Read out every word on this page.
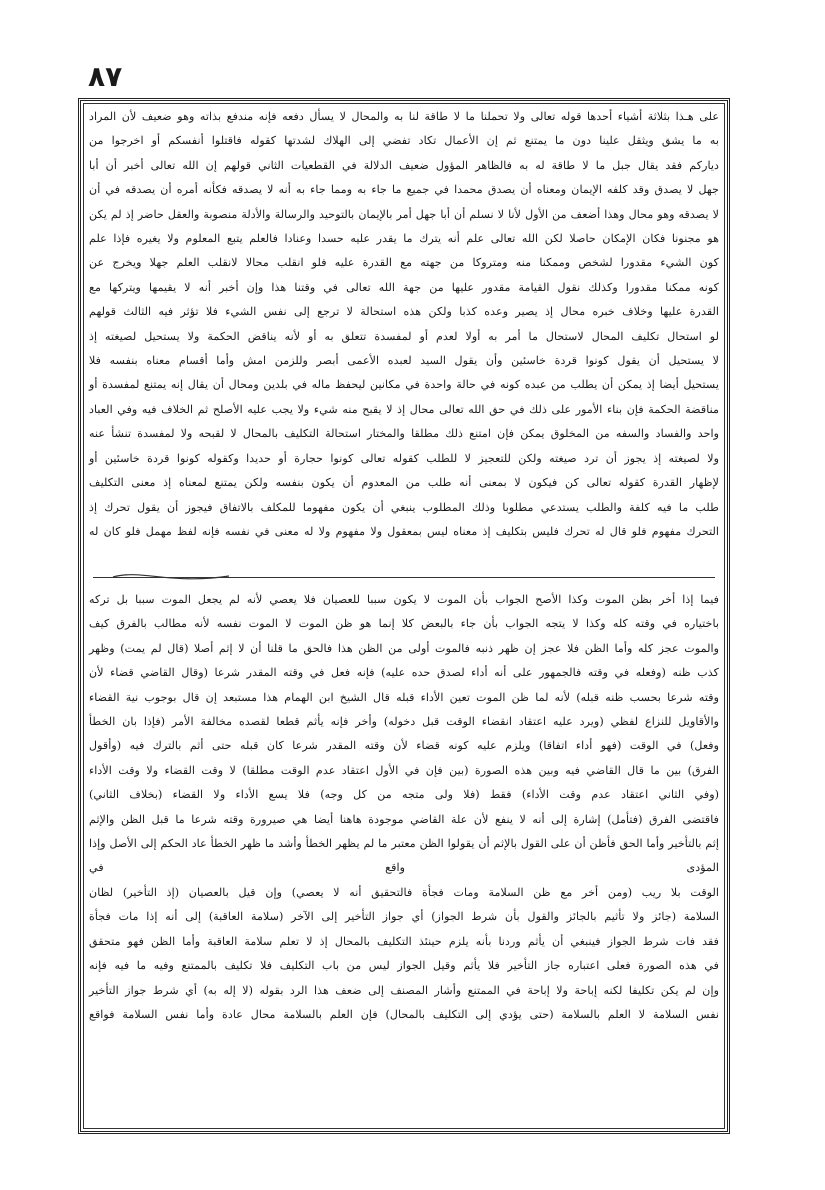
٨٧

على هـذا بثلاثة أشياء أحدها قوله تعالى ولا تحملنا ما لا طاقة لنا به والمحال لا يسأل دفعه فإنه مندفع بذاته وهو ضعيف لأن المراد

به ما يشق ويثقل علينا دون ما يمتنع ثم إن الأعمال تكاد تفضي إلى الهلاك لشدتها كقوله فاقتلوا أنفسكم أو اخرجوا من

دياركم فقد يقال جبل ما لا طاقة له به فالظاهر المؤول ضعيف الدلالة في القطعيات الثاني قولهم إن الله تعالى أخبر أن أبا

جهل لا يصدق وقد كلفه الإيمان ومعناه أن يصدق محمدا في جميع ما جاء به ومما جاء به أنه لا يصدقه فكأنه أمره أن يصدقه في أن

لا يصدقه وهو محال وهذا أضعف من الأول لأنا لا نسلم أن أبا جهل أمر بالإيمان بالتوحيد والرسالة والأدلة منصوبة والعقل حاضر إذ لم يكن

هو مجنونا فكان الإمكان حاصلا لكن الله تعالى علم أنه يترك ما يقدر عليه حسدا وعنادا فالعلم يتبع المعلوم ولا يغيره فإذا علم

كون الشيء مقدورا لشخص وممكنا منه ومتروكا من جهته مع القدرة عليه فلو انقلب محالا لانقلب العلم جهلا ويخرج عن

كونه ممكنا مقدورا وكذلك نقول القيامة مقدور عليها من جهة الله تعالى في وقتنا هذا وإن أخبر أنه لا يقيمها ويتركها مع

القدرة عليها وخلاف خبره محال إذ يصير وعده كذبا ولكن هذه استحالة لا ترجع إلى نفس الشيء فلا تؤثر فيه الثالث قولهم

لو استحال تكليف المحال لاستحال ما أمر به أولا لعدم أو لمفسدة تتعلق به أو لأنه يناقض الحكمة ولا يستحيل لصيغته إذ

لا يستحيل أن يقول كونوا قردة خاسئين وأن يقول السيد لعبده الأعمى أبصر وللزمن امش وأما أقسام معناه بنفسه فلا

يستحيل أيضا إذ يمكن أن يطلب من عبده كونه في حالة واحدة في مكانين ليحفظ ماله في بلدين ومحال أن يقال إنه يمتنع لمفسدة أو

مناقضة الحكمة فإن بناء الأمور على ذلك في حق الله تعالى محال إذ لا يقبح منه شيء ولا يجب عليه الأصلح ثم الخلاف فيه وفي العباد

واحد والفساد والسفه من المخلوق يمكن فإن امتنع ذلك مطلقا والمختار استحالة التكليف بالمحال لا لقبحه ولا لمفسدة تنشأ عنه

ولا لصيغته إذ يجوز أن ترد صيغته ولكن للتعجيز لا للطلب كقوله تعالى كونوا حجارة أو حديدا وكقوله كونوا قردة خاسئين أو

لإظهار القدرة كقوله تعالى كن فيكون لا بمعنى أنه طلب من المعدوم أن يكون بنفسه ولكن يمتنع لمعناه إذ معنى التكليف

طلب ما فيه كلفة والطلب يستدعي مطلوبا وذلك المطلوب ينبغي أن يكون مفهوما للمكلف بالاتفاق فيجوز أن يقول تحرك إذ

التحرك مفهوم فلو قال له تحرك فليس بتكليف إذ معناه ليس بمعقول ولا مفهوم ولا له معنى في نفسه فإنه لفظ مهمل فلو كان له

فيما إذا أخر بظن الموت وكذا الأصح الجواب بأن الموت لا يكون سببا للعصيان فلا يعصي لأنه لم يجعل الموت سببا بل تركه

باختياره في وقته كله وكذا لا يتجه الجواب بأن جاء بالبعض كلا إنما هو ظن الموت لا الموت نفسه لأنه مطالب بالفرق كيف

والموت عجز كله وأما الظن فلا عجز إن ظهر ذنبه فالموت أولى من الظن هذا فالحق ما قلنا أن لا إثم أصلا (قال لم يمت) وظهر

كذب ظنه (وفعله في وقته فالجمهور على أنه أداء لصدق حده عليه) فإنه فعل في وقته المقدر شرعا (وقال القاضي قضاء لأن

وقته شرعا بحسب ظنه قبله) لأنه لما ظن الموت تعين الأداء قبله قال الشيخ ابن الهمام هذا مستبعد إن قال بوجوب نية القضاء

والأقاويل للنزاع لفظي (ويرد عليه اعتقاد انقضاء الوقت قبل دخوله) وأخر فإنه يأثم قطعا لقصده مخالفة الأمر (فإذا بان الخطأ

وفعل) في الوقت (فهو أداء اتفاقا) ويلزم عليه كونه قضاء لأن وقته المقدر شرعا كان قبله حتى أثم بالترك فيه (وأقول

الفرق) بين ما قال القاضي فيه وبين هذه الصورة (بين فإن في الأول اعتقاد عدم الوقت مطلقا) لا وقت القضاء ولا وقت الأداء

(وفي الثاني اعتقاد عدم وقت الأداء) فقط (فلا ولى متجه من كل وجه) فلا يسع الأداء ولا القضاء (بخلاف الثاني)

فاقتضى الفرق (فتأمل) إشارة إلى أنه لا ينفع لأن علة القاضي موجودة هاهنا أيضا هي صيرورة وقته شرعا ما قبل الظن والإثم

إثم بالتأخير وأما الحق فأظن أن على القول بالإثم أن يقولوا الظن معتبر ما لم يظهر الخطأ وأشد ما ظهر الخطأ عاد الحكم إلى الأصل وإذا المؤدى واقع في

الوقت بلا ريب (ومن أخر مع ظن السلامة ومات فجأة فالتحقيق أنه لا يعصي) وإن قيل بالعصيان (إذ التأخير) لظان

السلامة (جائز ولا تأثيم بالجائز والقول بأن شرط الجواز) أي جواز التأخير إلى الآخر (سلامة العاقبة) إلى أنه إذا مات فجأة

فقد فات شرط الجواز فينبغي أن يأثم وردنا بأنه يلزم حينئذ التكليف بالمحال إذ لا تعلم سلامة العاقبة وأما الظن فهو متحقق

في هذه الصورة فعلى اعتباره جاز التأخير فلا يأثم وقيل الجواز ليس من باب التكليف فلا تكليف بالممتنع وفيه ما فيه فإنه

وإن لم يكن تكليفا لكنه إباحة ولا إباحة في الممتنع وأشار المصنف إلى ضعف هذا الرد بقوله (لا إله به) أي شرط جواز التأخير

نفس السلامة لا العلم بالسلامة (حتى يؤدي إلى التكليف بالمحال) فإن العلم بالسلامة محال عادة وأما نفس السلامة فواقع
